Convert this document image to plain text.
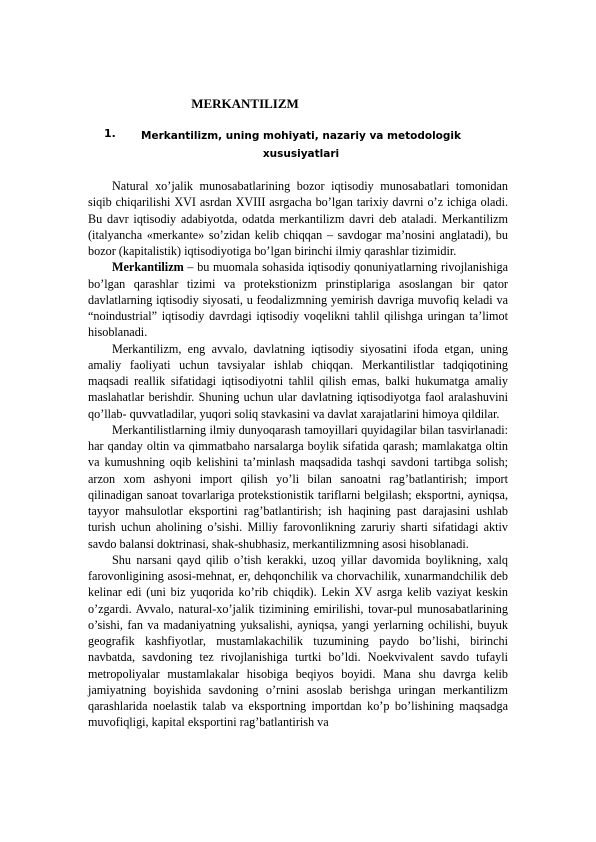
MERKANTILIZM
1.	Merkantilizm, uning mohiyati, nazariy va metodologik xususiyatlari

Natural xo’jalik munosabatlarining bozor iqtisodiy munosabatlari tomonidan siqib chiqarilishi XVI asrdan XVIII asrgacha bo’lgan tarixiy davrni o’z ichiga oladi. Bu davr iqtisodiy adabiyotda, odatda merkantilizm davri deb ataladi. Merkantilizm (italyancha «merkante» so’zidan kelib chiqqan – savdogar ma’nosini anglatadi), bu bozor (kapitalistik) iqtisodiyotiga bo’lgan birinchi ilmiy qarashlar tizimidir.

Merkantilizm – bu muomala sohasida iqtisodiy qonuniyatlarning rivojlanishiga bo’lgan qarashlar tizimi va protekstionizm prinstiplariga asoslangan bir qator davlatlarning iqtisodiy siyosati, u feodalizmning yemirish davriga muvofiq keladi va “noindustrial” iqtisodiy davrdagi iqtisodiy voqelikni tahlil qilishga uringan ta’limot hisoblanadi.

Merkantilizm, eng avvalo, davlatning iqtisodiy siyosatini ifoda etgan, uning amaliy faoliyati uchun tavsiyalar ishlab chiqqan. Merkantilistlar tadqiqotining maqsadi reallik sifatidagi iqtisodiyotni tahlil qilish emas, balki hukumatga amaliy maslahatlar berishdir. Shuning uchun ular davlatning iqtisodiyotga faol aralashuvini qo’llab- quvvatladilar, yuqori soliq stavkasini va davlat xarajatlarini himoya qildilar.

Merkantilistlarning ilmiy dunyoqarash tamoyillari quyidagilar bilan tasvirlanadi: har qanday oltin va qimmatbaho narsalarga boylik sifatida qarash; mamlakatga oltin va kumushning oqib kelishini ta’minlash maqsadida tashqi savdoni tartibga solish; arzon xom ashyoni import qilish yo’li bilan sanoatni rag’batlantirish; import qilinadigan sanoat tovarlariga protekstionistik tariflarni belgilash; eksportni, ayniqsa, tayyor mahsulotlar eksportini rag’batlantirish; ish haqining past darajasini ushlab turish uchun aholining o’sishi. Milliy farovonlikning zaruriy sharti sifatidagi aktiv savdo balansi doktrinasi, shak-shubhasiz, merkantilizmning asosi hisoblanadi.

Shu narsani qayd qilib o’tish kerakki, uzoq yillar davomida boylikning, xalq farovonligining asosi-mehnat, er, dehqonchilik va chorvachilik, xunarmandchilik deb kelinar edi (uni biz yuqorida ko’rib chiqdik). Lekin XV asrga kelib vaziyat keskin o’zgardi. Avvalo, natural-xo’jalik tizimining emirilishi, tovar-pul munosabatlarining o’sishi, fan va madaniyatning yuksalishi, ayniqsa, yangi yerlarning ochilishi, buyuk geografik kashfiyotlar, mustamlakachilik tuzumining paydo bo’lishi, birinchi navbatda, savdoning tez rivojlanishiga turtki bo’ldi. Noekvivalent savdo tufayli metropoliyalar mustamlakalar hisobiga beqiyos boyidi. Mana shu davrga kelib jamiyatning boyishida savdoning o’rnini asoslab berishga uringan merkantilizm qarashlarida noelastik talab va eksportning importdan ko’p bo’lishining maqsadga muvofiqligi, kapital eksportini rag’batlantirish va
